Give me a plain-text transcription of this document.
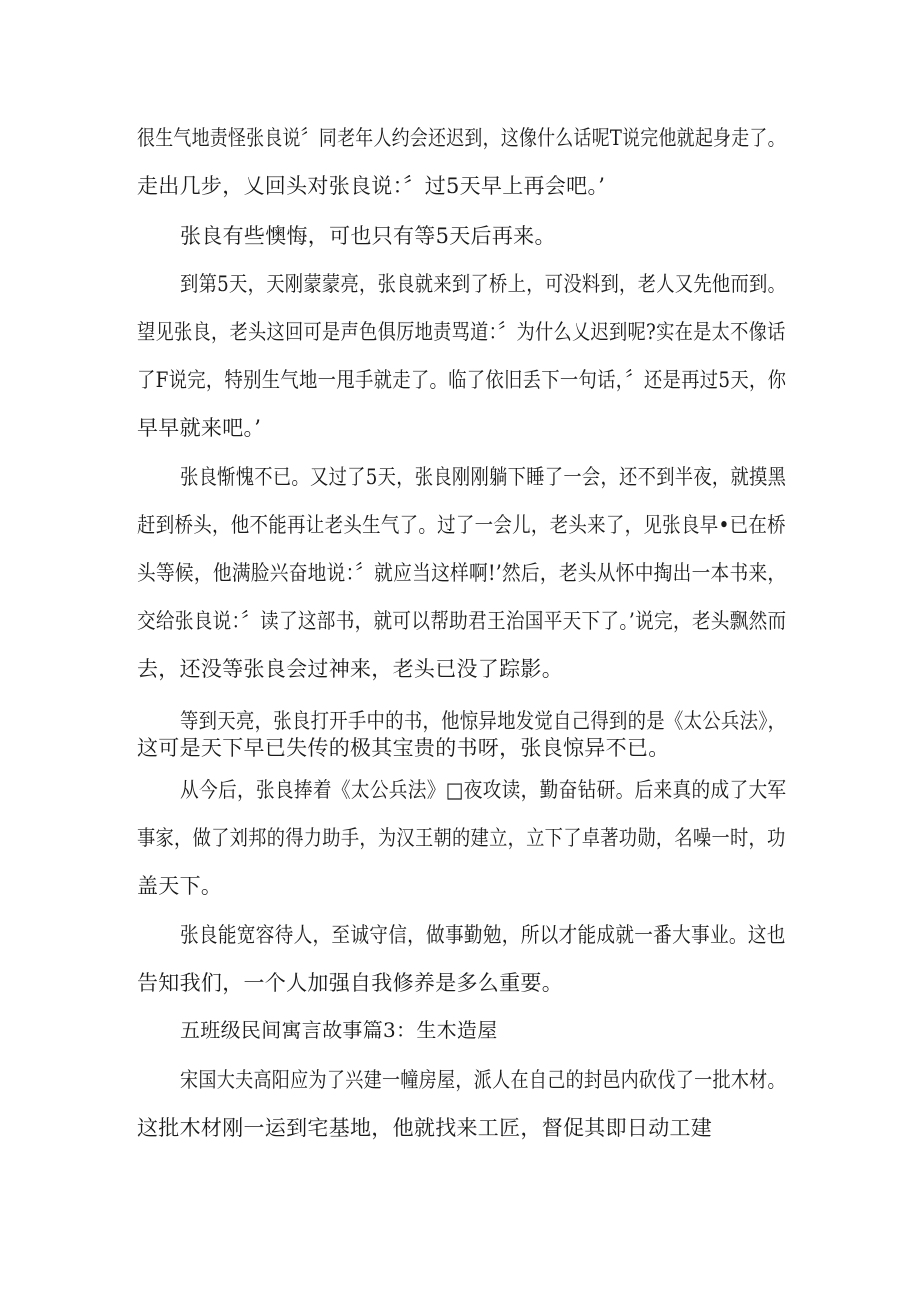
很生气地责怪张良说〞同老年人约会还迟到，这像什么话呢T说完他就起身走了。
走出几步，乂回头对张良说：〞过5天早上再会吧。’
张良有些懊悔，可也只有等5天后再来。
到第5天，天刚蒙蒙亮，张良就来到了桥上，可没料到，老人又先他而到。
望见张良，老头这回可是声色俱厉地责骂道：〞为什么乂迟到呢?实在是太不像话
了F说完，特别生气地一甩手就走了。临了依旧丢下一句话，〞还是再过5天，你
早早就来吧。’
张良惭愧不已。又过了5天，张良刚刚躺下睡了一会，还不到半夜，就摸黑
赶到桥头，他不能再让老头生气了。过了一会儿，老头来了，见张良早•已在桥
头等候，他满脸兴奋地说：〞就应当这样啊!’然后，老头从怀中掏出一本书来，
交给张良说：〞读了这部书，就可以帮助君王治国平天下了。’说完，老头飘然而
去，还没等张良会过神来，老头已没了踪影。
等到天亮，张良打开手中的书，他惊异地发觉自己得到的是《太公兵法》，
这可是天下早已失传的极其宝贵的书呀，张良惊异不已。
从今后，张良捧着《太公兵法》□夜攻读，勤奋钻研。后来真的成了大军
事家，做了刘邦的得力助手，为汉王朝的建立，立下了卓著功勋，名噪一时，功
盖天下。
张良能宽容待人，至诚守信，做事勤勉，所以才能成就一番大事业。这也
告知我们，一个人加强自我修养是多么重要。
五班级民间寓言故事篇3：生木造屋
宋国大夫高阳应为了兴建一幢房屋，派人在自己的封邑内砍伐了一批木材。
这批木材刚一运到宅基地，他就找来工匠，督促其即日动工建
